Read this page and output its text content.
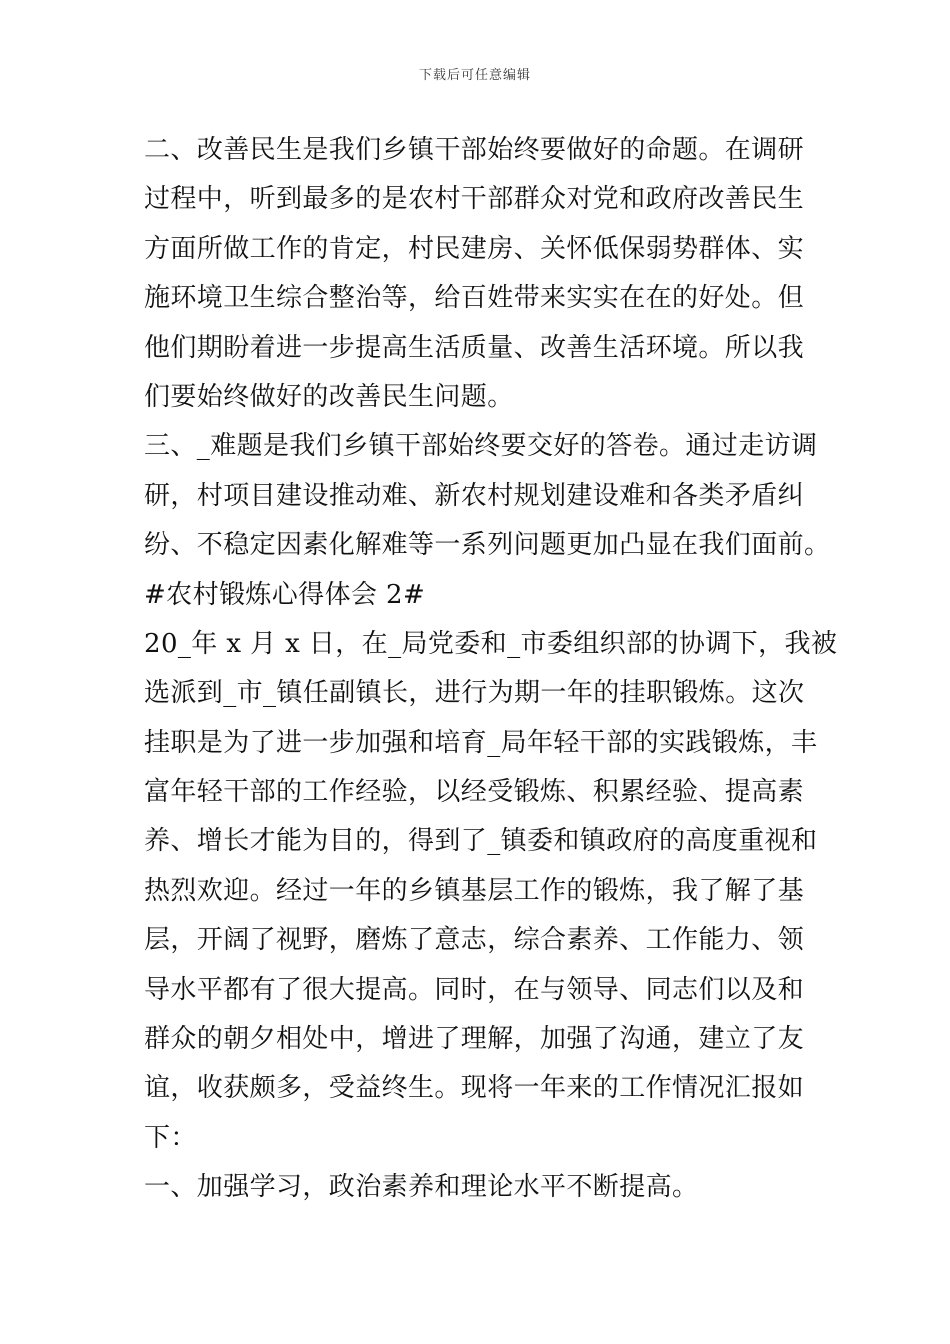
下载后可任意编辑
二、改善民生是我们乡镇干部始终要做好的命题。在调研
过程中，听到最多的是农村干部群众对党和政府改善民生
方面所做工作的肯定，村民建房、关怀低保弱势群体、实
施环境卫生综合整治等，给百姓带来实实在在的好处。但
他们期盼着进一步提高生活质量、改善生活环境。所以我
们要始终做好的改善民生问题。
三、_难题是我们乡镇干部始终要交好的答卷。通过走访调
研，村项目建设推动难、新农村规划建设难和各类矛盾纠
纷、不稳定因素化解难等一系列问题更加凸显在我们面前。
#农村锻炼心得体会 2#
20_年 x 月 x 日，在_局党委和_市委组织部的协调下，我被
选派到_市_镇任副镇长，进行为期一年的挂职锻炼。这次
挂职是为了进一步加强和培育_局年轻干部的实践锻炼，丰
富年轻干部的工作经验，以经受锻炼、积累经验、提高素
养、增长才能为目的，得到了_镇委和镇政府的高度重视和
热烈欢迎。经过一年的乡镇基层工作的锻炼，我了解了基
层，开阔了视野，磨炼了意志，综合素养、工作能力、领
导水平都有了很大提高。同时，在与领导、同志们以及和
群众的朝夕相处中，增进了理解，加强了沟通，建立了友
谊，收获颇多，受益终生。现将一年来的工作情况汇报如
下：
一、加强学习，政治素养和理论水平不断提高。
